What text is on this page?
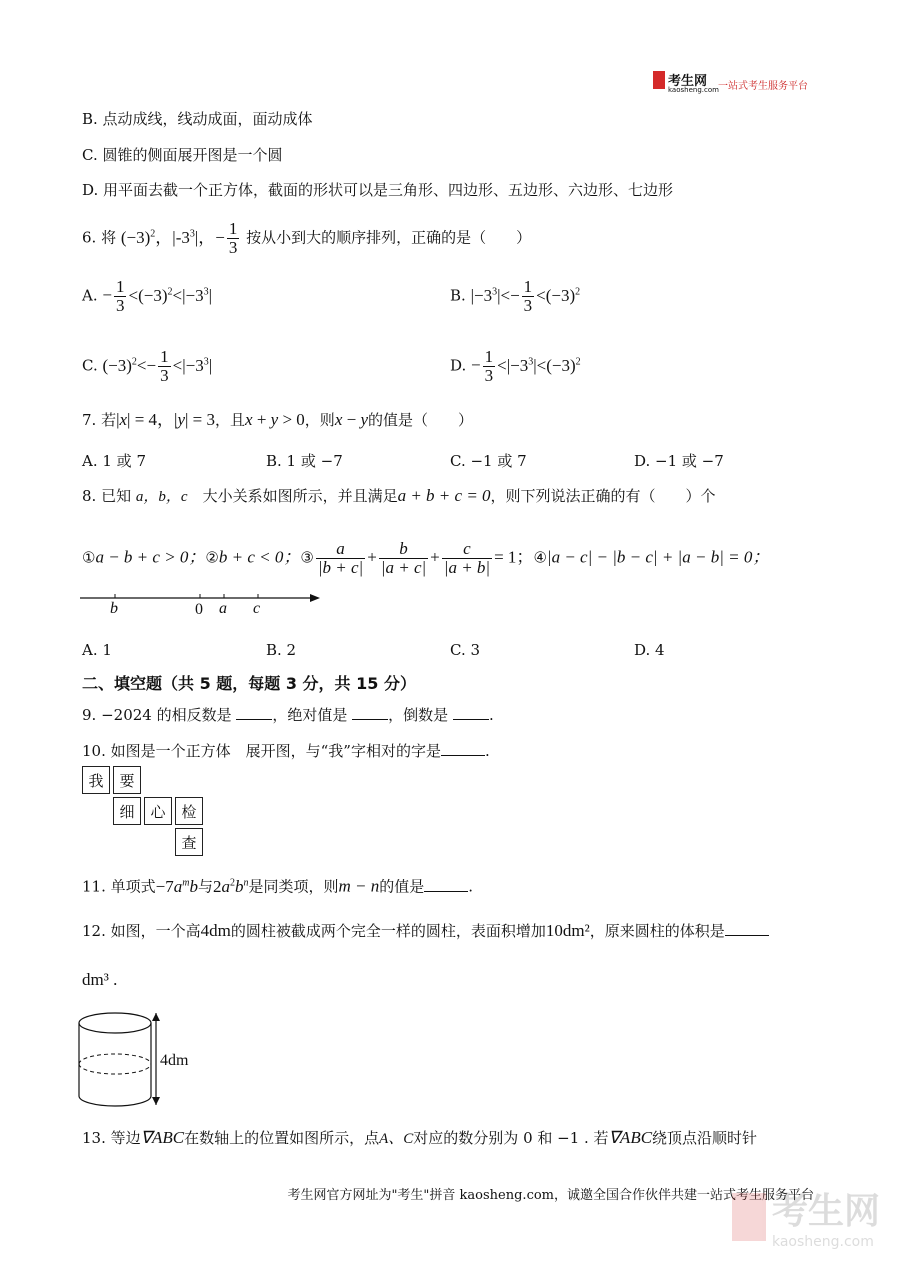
考生网
kaosheng.com 一站式考生服务平台
B. 点动成线，线动成面，面动成体
C. 圆锥的侧面展开图是一个圆
D. 用平面去截一个正方体，截面的形状可以是三角形、四边形、五边形、六边形、七边形
6. 将 $(-3)^2$，$|-3^3|$，− $\frac{1}{3}$ 按从小到大的顺序排列，正确的是（　　）
A. − $\frac{1}{3} <(-3)^2<|-3^3|$	B. $|-3^3|<- \frac{1}{3} <(-3)^2$
C. $(-3)^2<- \frac{1}{3} <|-3^3|$	D. − $\frac{1}{3} <|-3^3|<(-3)^2$
7. 若|x| = 4，|y| = 3，且x + y > 0，则x − y的值是（　　）
A. 1 或 7	B. 1 或 −7	C. −1 或 7	D. −1 或 −7
8. 已知 a，b，c　 大小关系如图所示，并且满足a + b + c = 0，则下列说法正确的有（　　）个
①a − b + c > 0；②b + c < 0；③ $\frac{a}{|b + c|} + \frac{b}{|a + c|} + \frac{c}{|a + b|} = 1$；④|a − c| − |b − c| + |a − b| = 0；
b	0 a c
A. 1	B. 2	C. 3	D. 4
二、填空题（共 5 题，每题 3 分，共 15 分）
9. −2024 的相反数是	，绝对值是	，倒数是	.
10. 如图是一个正方体　展开图，与“我”字相对的字是	.
我	要
细	心	检
查
11. 单项式$-7a^mb$与$2a^2b^n$是同类项，则m − n的值是	.
12. 如图，一个高4dm的圆柱被截成两个完全一样的圆柱，表面积增加10dm²，原来圆柱的体积是
dm³ .
4dm
13. 等边∇ABC在数轴上的位置如图所示，点A、C对应的数分别为 0 和 −1 . 若∇ABC绕顶点沿顺时针
考生网官方网址为"考生"拼音 kaosheng.com，诚邀全国合作伙伴共建一站式考生服务平台
考生网
kaosheng.com
